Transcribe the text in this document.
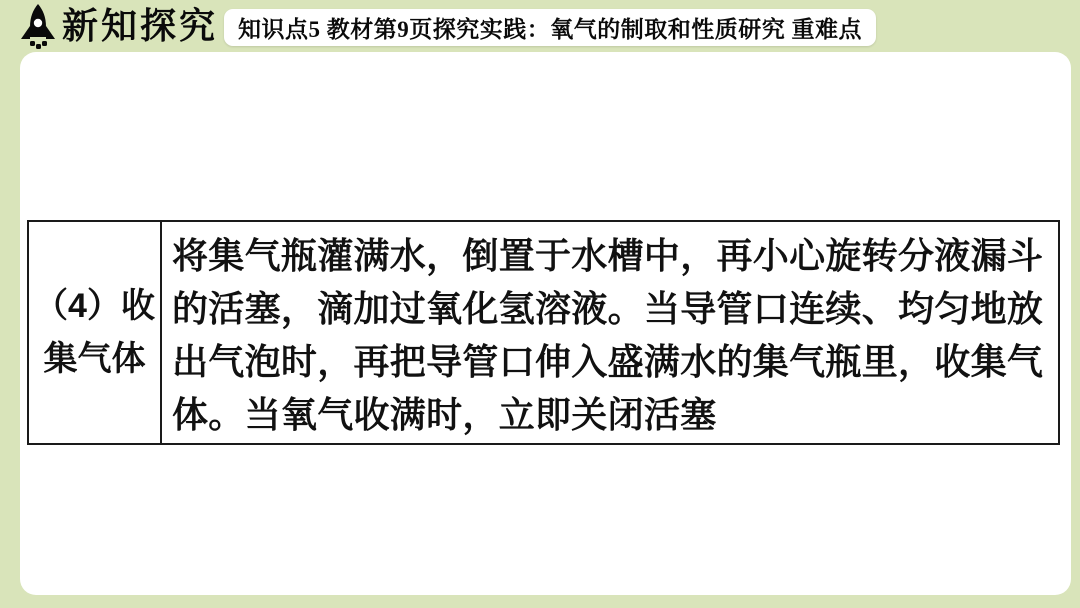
新知探究 知识点5 教材第9页探究实践：氧气的制取和性质研究 重难点
（4）收集气体
将集气瓶灌满水，倒置于水槽中，再小心旋转分液漏斗
的活塞，滴加过氧化氢溶液。当导管口连续、均匀地放
出气泡时，再把导管口伸入盛满水的集气瓶里，收集气
体。当氧气收满时，立即关闭活塞
